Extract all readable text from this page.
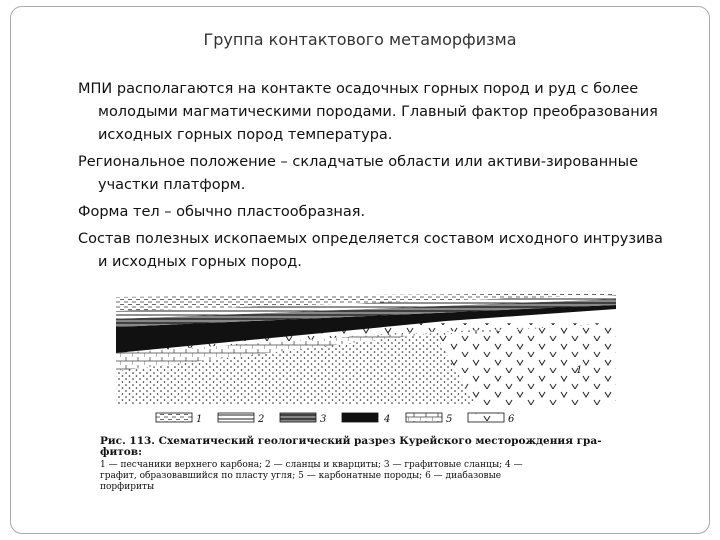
Группа контактового метаморфизма

МПИ располагаются на контакте осадочных горных пород и руд с более молодыми магматическими породами. Главный фактор преобразования исходных горных пород температура.

Региональное положение – складчатые области или активи-зированные участки платформ.

Форма тел – обычно пластообразная.

Состав полезных ископаемых определяется составом исходного интрузива и исходных горных пород.

1
1	2	3	4	5	6
Рис. 113. Схематический геологический разрез Курейского месторождения гра-
фитов:
1 — песчаники верхнего карбона; 2 — сланцы и кварциты; 3 — графитовые сланцы; 4 —
графит, образовавшийся по пласту угля; 5 — карбонатные породы; 6 — диабазовые
порфириты
